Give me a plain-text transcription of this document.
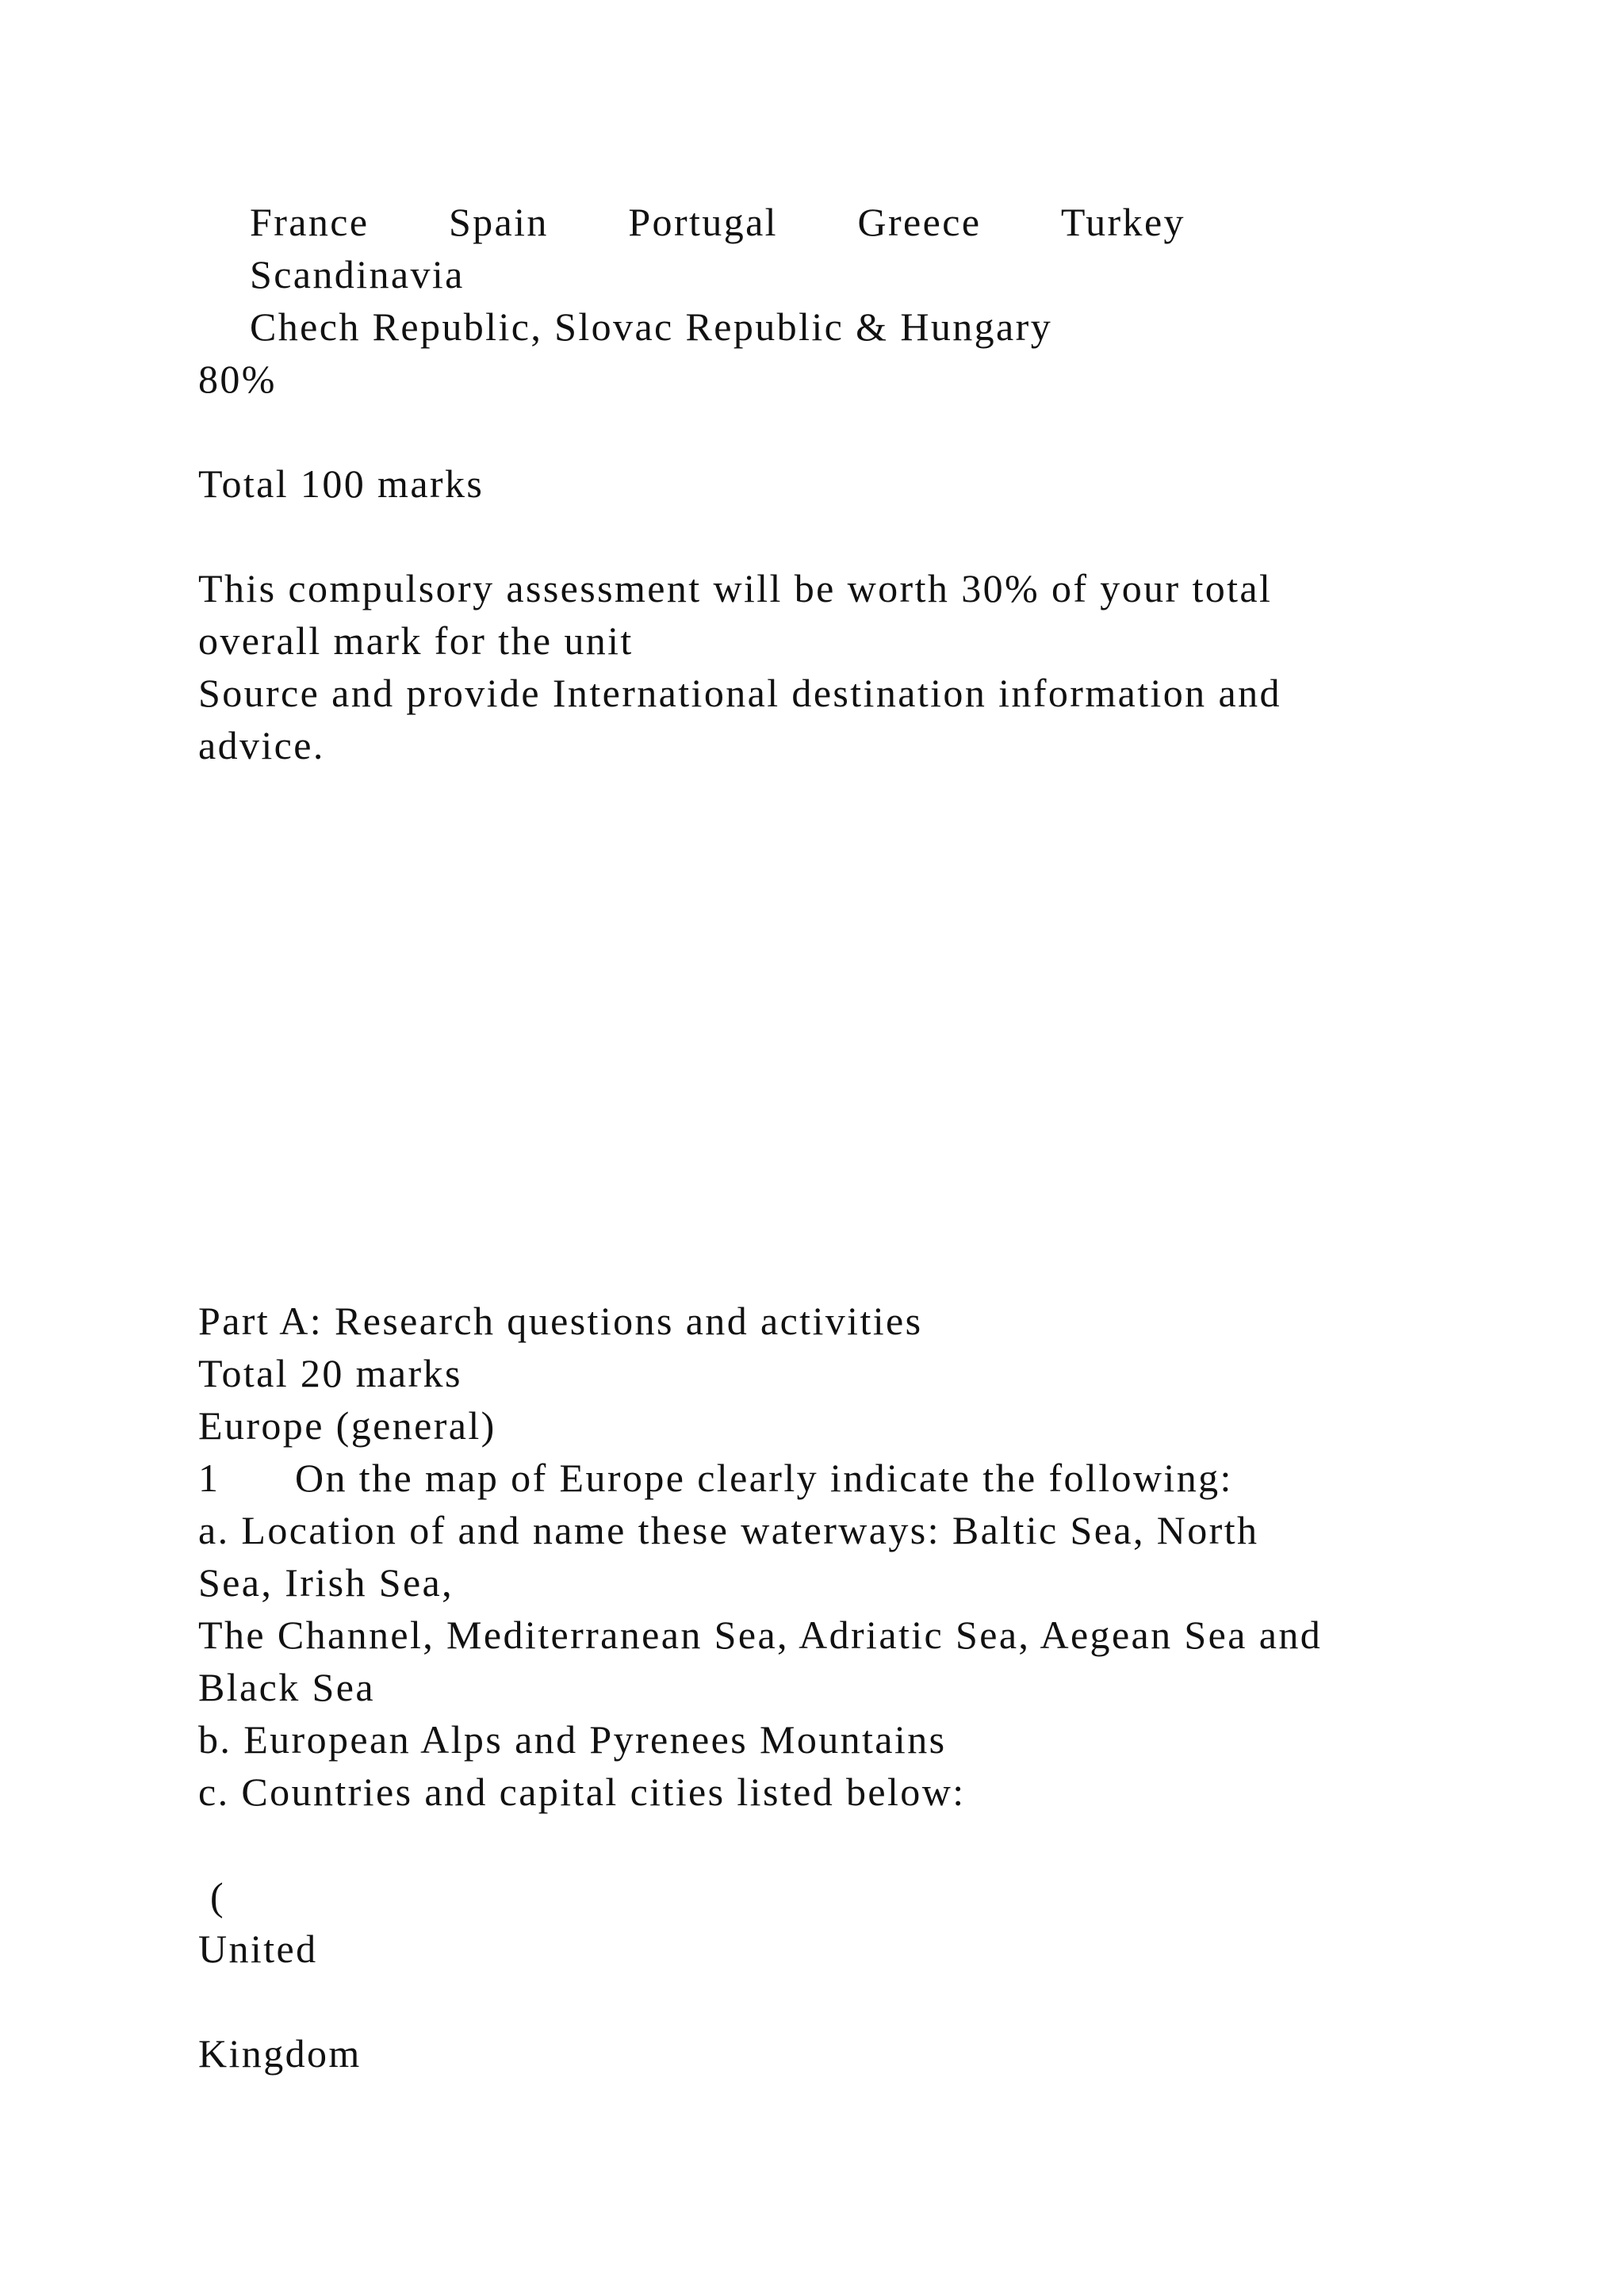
France Spain Portugal Greece Turkey
Scandinavia
Chech Republic, Slovac Republic & Hungary
80%
Total 100 marks
This compulsory assessment will be worth 30% of your total
overall mark for the unit
Source and provide International destination information and
advice.
Part A: Research questions and activities
Total 20 marks
Europe (general)
1 On the map of Europe clearly indicate the following:
a. Location of and name these waterways: Baltic Sea, North
Sea, Irish Sea,
The Channel, Mediterranean Sea, Adriatic Sea, Aegean Sea and
Black Sea
b. European Alps and Pyrenees Mountains
c. Countries and capital cities listed below:
(
United
Kingdom
